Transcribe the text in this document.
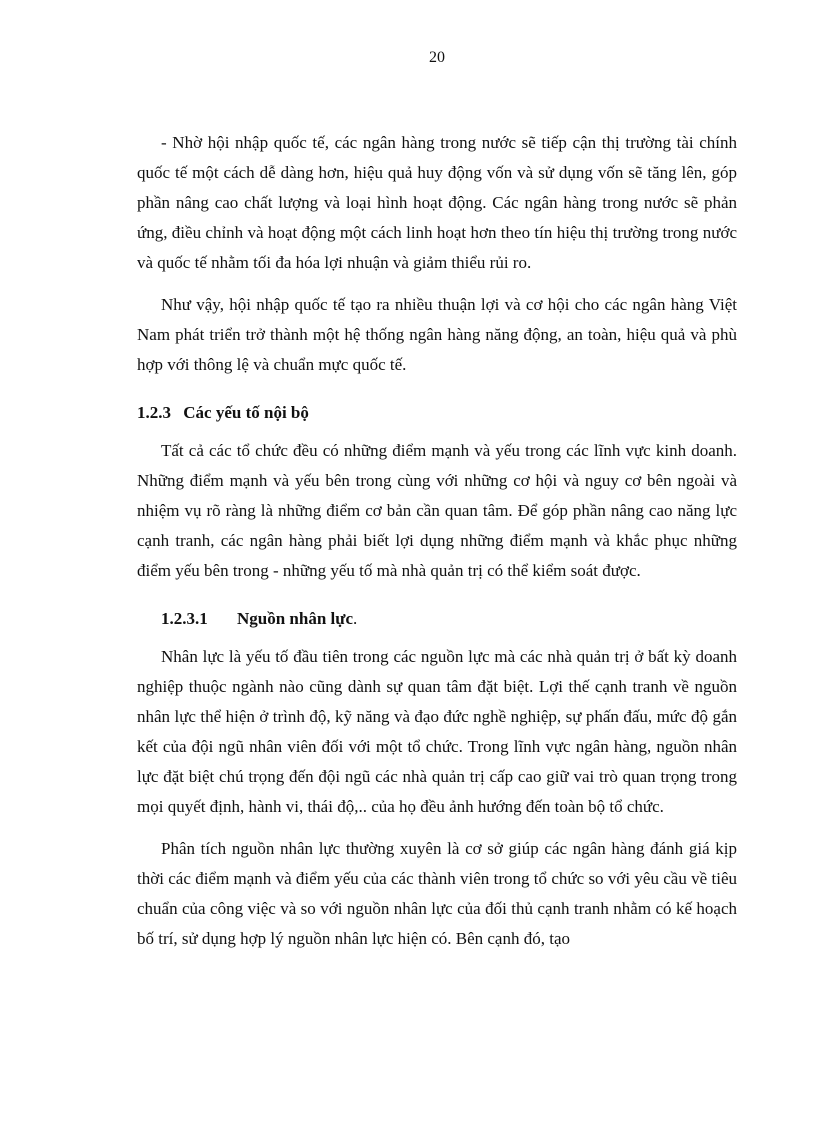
20

- Nhờ hội nhập quốc tế, các ngân hàng trong nước sẽ tiếp cận thị trường tài chính quốc tế một cách dễ dàng hơn, hiệu quả huy động vốn và sử dụng vốn sẽ tăng lên, góp phần nâng cao chất lượng và loại hình hoạt động. Các ngân hàng trong nước sẽ phản ứng, điều chỉnh và hoạt động một cách linh hoạt hơn theo tín hiệu thị trường trong nước và quốc tế nhằm tối đa hóa lợi nhuận và giảm thiểu rủi ro.

Như vậy, hội nhập quốc tế tạo ra nhiều thuận lợi và cơ hội cho các ngân hàng Việt Nam phát triển trở thành một hệ thống ngân hàng năng động, an toàn, hiệu quả và phù hợp với thông lệ và chuẩn mực quốc tế.

1.2.3 Các yếu tố nội bộ

Tất cả các tổ chức đều có những điểm mạnh và yếu trong các lĩnh vực kinh doanh. Những điểm mạnh và yếu bên trong cùng với những cơ hội và nguy cơ bên ngoài và nhiệm vụ rõ ràng là những điểm cơ bản cần quan tâm. Để góp phần nâng cao năng lực cạnh tranh, các ngân hàng phải biết lợi dụng những điểm mạnh và khắc phục những điểm yếu bên trong - những yếu tố mà nhà quản trị có thể kiểm soát được.

1.2.3.1 Nguồn nhân lực.

Nhân lực là yếu tố đầu tiên trong các nguồn lực mà các nhà quản trị ở bất kỳ doanh nghiệp thuộc ngành nào cũng dành sự quan tâm đặt biệt. Lợi thế cạnh tranh về nguồn nhân lực thể hiện ở trình độ, kỹ năng và đạo đức nghề nghiệp, sự phấn đấu, mức độ gắn kết của đội ngũ nhân viên đối với một tổ chức. Trong lĩnh vực ngân hàng, nguồn nhân lực đặt biệt chú trọng đến đội ngũ các nhà quản trị cấp cao giữ vai trò quan trọng trong mọi quyết định, hành vi, thái độ,.. của họ đều ảnh hướng đến toàn bộ tổ chức.

Phân tích nguồn nhân lực thường xuyên là cơ sở giúp các ngân hàng đánh giá kịp thời các điểm mạnh và điểm yếu của các thành viên trong tổ chức so với yêu cầu về tiêu chuẩn của công việc và so với nguồn nhân lực của đối thủ cạnh tranh nhằm có kế hoạch bố trí, sử dụng hợp lý nguồn nhân lực hiện có. Bên cạnh đó, tạo
